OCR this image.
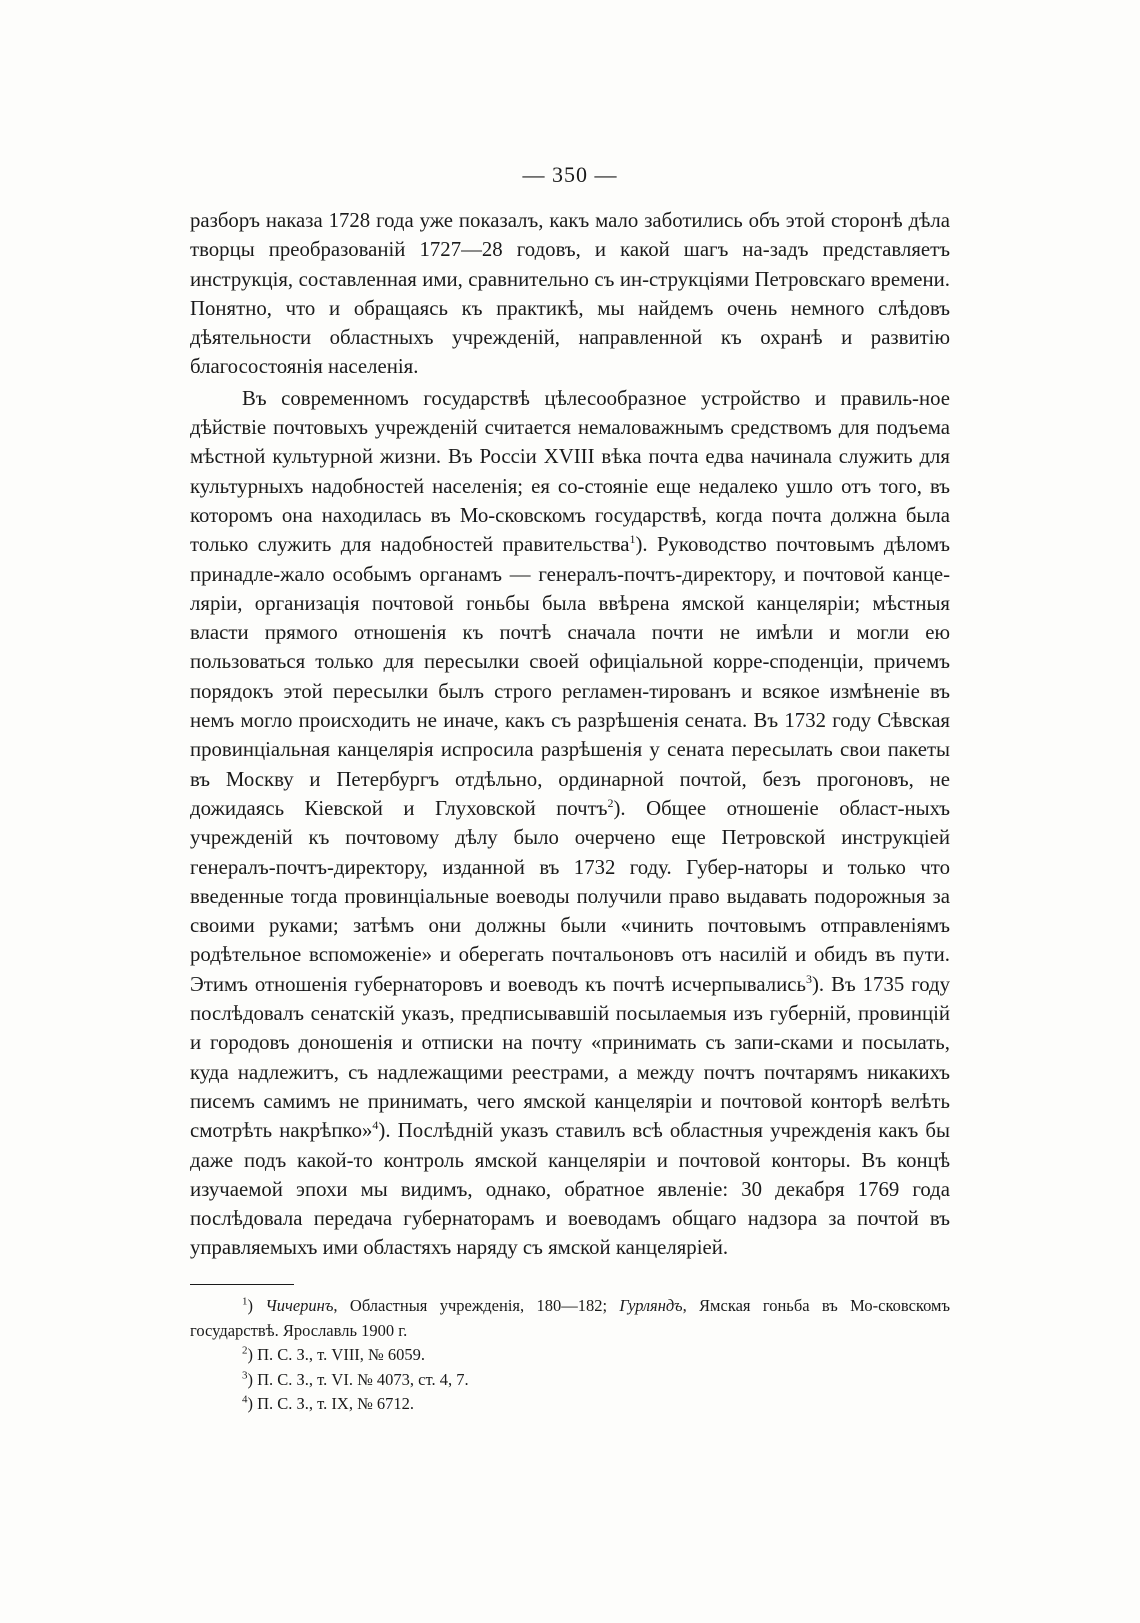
— 350 —

разборъ наказа 1728 года уже показалъ, какъ мало заботились объ этой сторонѣ дѣла творцы преобразованій 1727—28 годовъ, и какой шагъ на-задъ представляетъ инструкція, составленная ими, сравнительно съ ин-струкціями Петровскаго времени. Понятно, что и обращаясь къ практикѣ, мы найдемъ очень немного слѣдовъ дѣятельности областныхъ учрежденій, направленной къ охранѣ и развитію благосостоянія населенія.

Въ современномъ государствѣ цѣлесообразное устройство и правиль-ное дѣйствіе почтовыхъ учрежденій считается немаловажнымъ средствомъ для подъема мѣстной культурной жизни. Въ Россіи XVIII вѣка почта едва начинала служить для культурныхъ надобностей населенія; ея со-стояніе еще недалеко ушло отъ того, въ которомъ она находилась въ Мо-сковскомъ государствѣ, когда почта должна была только служить для надобностей правительства$^1$). Руководство почтовымъ дѣломъ принадле-жало особымъ органамъ — генералъ-почтъ-директору, и почтовой канце-ляріи, организація почтовой гоньбы была ввѣрена ямской канцеляріи; мѣстныя власти прямого отношенія къ почтѣ сначала почти не имѣли и могли ею пользоваться только для пересылки своей офиціальной корре-споденціи, причемъ порядокъ этой пересылки былъ строго регламен-тированъ и всякое измѣненіе въ немъ могло происходить не иначе, какъ съ разрѣшенія сената. Въ 1732 году Сѣвская провинціальная канцелярія испросила разрѣшенія у сената пересылать свои пакеты въ Москву и Петербургъ отдѣльно, ординарной почтой, безъ прогоновъ, не дожидаясь Кіевской и Глуховской почтъ$^2$). Общее отношеніе област-ныхъ учрежденій къ почтовому дѣлу было очерчено еще Петровской инструкціей генералъ-почтъ-директору, изданной въ 1732 году. Губер-наторы и только что введенные тогда провинціальные воеводы получили право выдавать подорожныя за своими руками; затѣмъ они должны были «чинить почтовымъ отправленіямъ родѣтельное вспоможеніе» и оберегать почтальоновъ отъ насилій и обидъ въ пути. Этимъ отношенія губернаторовъ и воеводъ къ почтѣ исчерпывались$^3$). Въ 1735 году послѣдовалъ сенатскій указъ, предписывавшій посылаемыя изъ губерній, провинцій и городовъ доношенія и отписки на почту «принимать съ запи-сками и посылать, куда надлежитъ, съ надлежащими реестрами, а между почтъ почтарямъ никакихъ писемъ самимъ не принимать, чего ямской канцеляріи и почтовой конторѣ велѣть смотрѣть накрѣпко»$^4$). Послѣдній указъ ставилъ всѣ областныя учрежденія какъ бы даже подъ какой-то контроль ямской канцеляріи и почтовой конторы. Въ концѣ изучаемой эпохи мы видимъ, однако, обратное явленіе: 30 декабря 1769 года послѣдовала передача губернаторамъ и воеводамъ общаго надзора за почтой въ управляемыхъ ими областяхъ наряду съ ямской канцеляріей.

$^1$) Чичеринъ, Областныя учрежденія, 180—182; Гурляндъ, Ямская гоньба въ Мо-сковскомъ государствѣ. Ярославль 1900 г.

$^2$) П. С. З., т. VIII, № 6059.

$^3$) П. С. З., т. VI. № 4073, ст. 4, 7.

$^4$) П. С. З., т. IX, № 6712.
